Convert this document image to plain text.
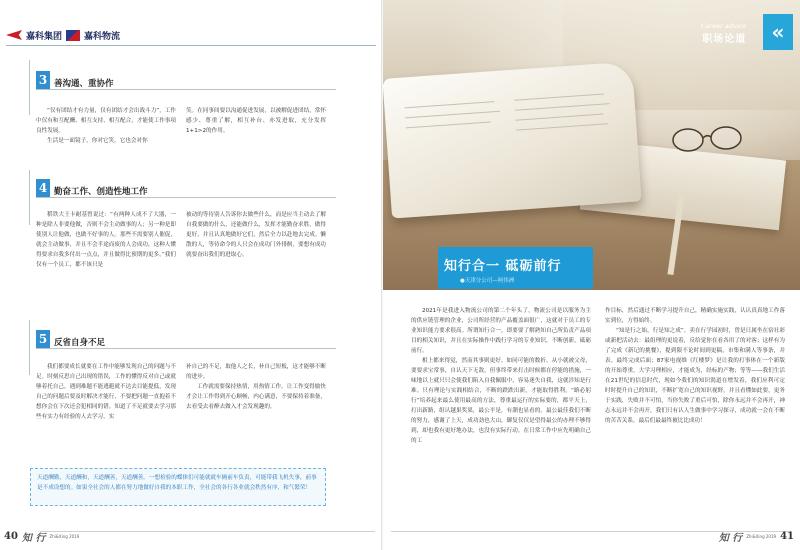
嘉科集团 嘉科物流
3 善沟通、重协作

“仅有团结才有力量，仅有团结才会出战斗力”，工作中仅有和互配酬、相互支持、相互配合，才能使工作事项良性发展。

生活是一面镜子，你对它笑，它也会对你

笑。在同事间要以沟通促进发展，以被解促进团结，常怀感少、尊重了解，相互补台、亦发进取，充分发挥1+1>2的作用。

4 勤奋工作、创造性地工作

稻铁大王卡耐基曾说过：“有两种人成不了大器，一种是除人非要他做，否则不会主动做事的人；另一种是即使别人让他做，也做不好事的人。那些不需要别人催促，就会主动做事，并且不会半途而废的人会成功，这种人懂得要求自我多付出一点点，并且做得比预期的更多。”我们仅有一个员工，都不该只是

被动的等待别人告诉你去做些什么，而是应当主动去了解自我要做的什么，还能做什么，发挥才能勤奋求胜，做得更好，并且认真地做好它们，然后全力以赴地去完成。懒散的人，等待命令的人只会在成功门外徘徊，要想有成功就要奋出我们的进取心。

5 反省自身不足

我们都要成长就要在工作中能够发现自己的问题与不足。时刻反思自己出现的错误，工作的懂得反对自己或就够着托自己，遇到难题不能逃避就不达去目能提低，发现自己的问题后要及时解决才能行，不要把问题一直抱着不想你会在下次还会犯相同的错。知道了不足就要去学习那些有实力有经验的人去学习，实

补自己的不足，取他人之长，补自己短板，这才能够不断的进步。

工作就需要保持热情，用热情工作，让工作变得愉快才会让工作得到开心顺畅，内心满意，不要保持着准备，去看受去看醉去做入才会发现趣的。

天道酬勤，天道酬和，天道酬善，天道酬善。一想检验的蝶体们可能就就车辆前车负责，可能带我飞机失事，前事是不成设想的。如果全社会的人都在努力地做好自我的本职工作，全社会的各行各业就会秩然有序，和气繁荣！

40 知 行 Zhi&Xing 2019
Career advice
职场论道	«
知行合一 砥砺前行
●天津分公司—柯伟洲

2021年是我进入物流公司的第二个年头了，物流公司是以服务为主的供应链管理的企业，公司所经营的产品覆盖面很广，这就对于员工的专业知识能力要求很高。所谓知行合一，即要要了解熟知自己所负责产品项目的相关知识，并且在实际操作中践行学习的专业知识，不断创新，砥砺前行。

相上都来得觉，然而其事则更好。如同可能的数折、从小就被父母，要要求宝常事，自认天下无敌，但事终带来打击时候都在停能的措施，一味地以上就只只会使我们陷入自我佩服中，容易迷失自我，这就涉知是行难。只有理论与实践相结合，不断的跌跌出新，才能取得胜利。“路必躬行”培养起来最么使用最高的方法，尊重最运行的实际要的，都平天上，打出新路，组认越果奖果，最公平是，有潮也显看的。最公最佳我们不断的努力，感谢了上天，成功劲也大山，御复仅仅是望得最公的办理不够得到，却也我有更好地办法，也没有实际行动。在日常工作中应先明确自己的工

作目标，然后通过不断学习提升自己，精确实施实践，认认真真地工作落实到位，方得始终。

“知是行之始，行是知之成”。卖在行学园初时，曾是日属坐在宿社彩或新把活动去：最组理的更说着，反给觉你在看各用了的对客；这样有为了完成《新记的挑餐》，提到限不论时间到更稿，市集和满人等事条，并表。最终完成后面；87家电视维《红楼梦》是让我的打事体在一个新版的开始尊重，大学习理相应，才能成为，经标的产物；等等——我们生活在21世纪的信息时代，现如今我们的知识渴道在增发着，我们应利可定时时提升自己的知识，不断扩宽自己的知识视野，并且看懂如此要，更务于实践，失败并不可怕，当你失败了重后可怕，除你永远并不会再开，神志永远并不会再开，我们只有认人生做事中学习探寻，成功就一会在不断的苦苦关系，最后们最最终被比比成功！

知 行 Zhi&Xing 2019 41
